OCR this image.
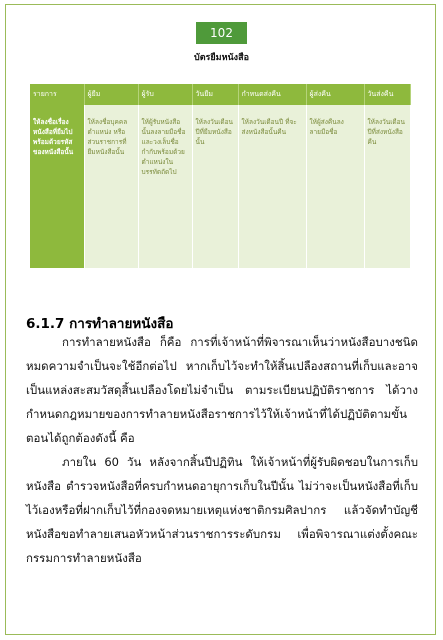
102
บัตรยืมหนังสือ
รายการ	ผู้ยืม	ผู้รับ	วันยืม	กำหนดส่งคืน	ผู้ส่งคืน	วันส่งคืน
ให้ลงชื่อเรื่องหนังสือที่ยืมไปพร้อมด้วยรหัสของหนังสือนั้น	ให้ลงชื่อบุคคลตำแหน่ง หรือส่วนราชการที่ยืมหนังสือนั้น	ให้ผู้รับหนังสือนั้นลงลายมือชื่อและวงเล็บชื่อกำกับพร้อมด้วยตำแหน่งในบรรทัดถัดไป	ให้ลงวันเดือนปีที่ยืมหนังสือนั้น	ให้ลงวันเดือนปี ที่จะส่งหนังสือนั้นคืน	ให้ผู้ส่งคืนลงลายมือชื่อ	ให้ลงวันเดือน ปีที่ส่งหนังสือคืน
6.1.7 การทำลายหนังสือ
การทำลายหนังสือ ก็คือ การที่เจ้าหน้าที่พิจารณาเห็นว่าหนังสือบางชนิดหมดความจำเป็นจะใช้อีกต่อไป หากเก็บไว้จะทำให้สิ้นเปลืองสถานที่เก็บและอาจเป็นแหล่งสะสมวัสดุสิ้นเปลืองโดยไม่จำเป็น ตามระเบียนปฏิบัติราชการ ได้วางกำหนดกฎหมายของการทำลายหนังสือราชการไว้ให้เจ้าหน้าที่ได้ปฏิบัติตามขั้นตอนได้ถูกต้องดังนี้ คือ
ภายใน 60 วัน หลังจากสิ้นปีปฏิทิน ให้เจ้าหน้าที่ผู้รับผิดชอบในการเก็บหนังสือ ตำรวจหนังสือที่ครบกำหนดอายุการเก็บในปีนั้น ไม่ว่าจะเป็นหนังสือที่เก็บไว้เองหรือที่ฝากเก็บไว้ที่กองจดหมายเหตุแห่งชาติกรมศิลปากร แล้วจัดทำบัญชีหนังสือขอทำลายเสนอหัวหน้าส่วนราชการระดับกรม เพื่อพิจารณาแต่งตั้งคณะกรรมการทำลายหนังสือ
